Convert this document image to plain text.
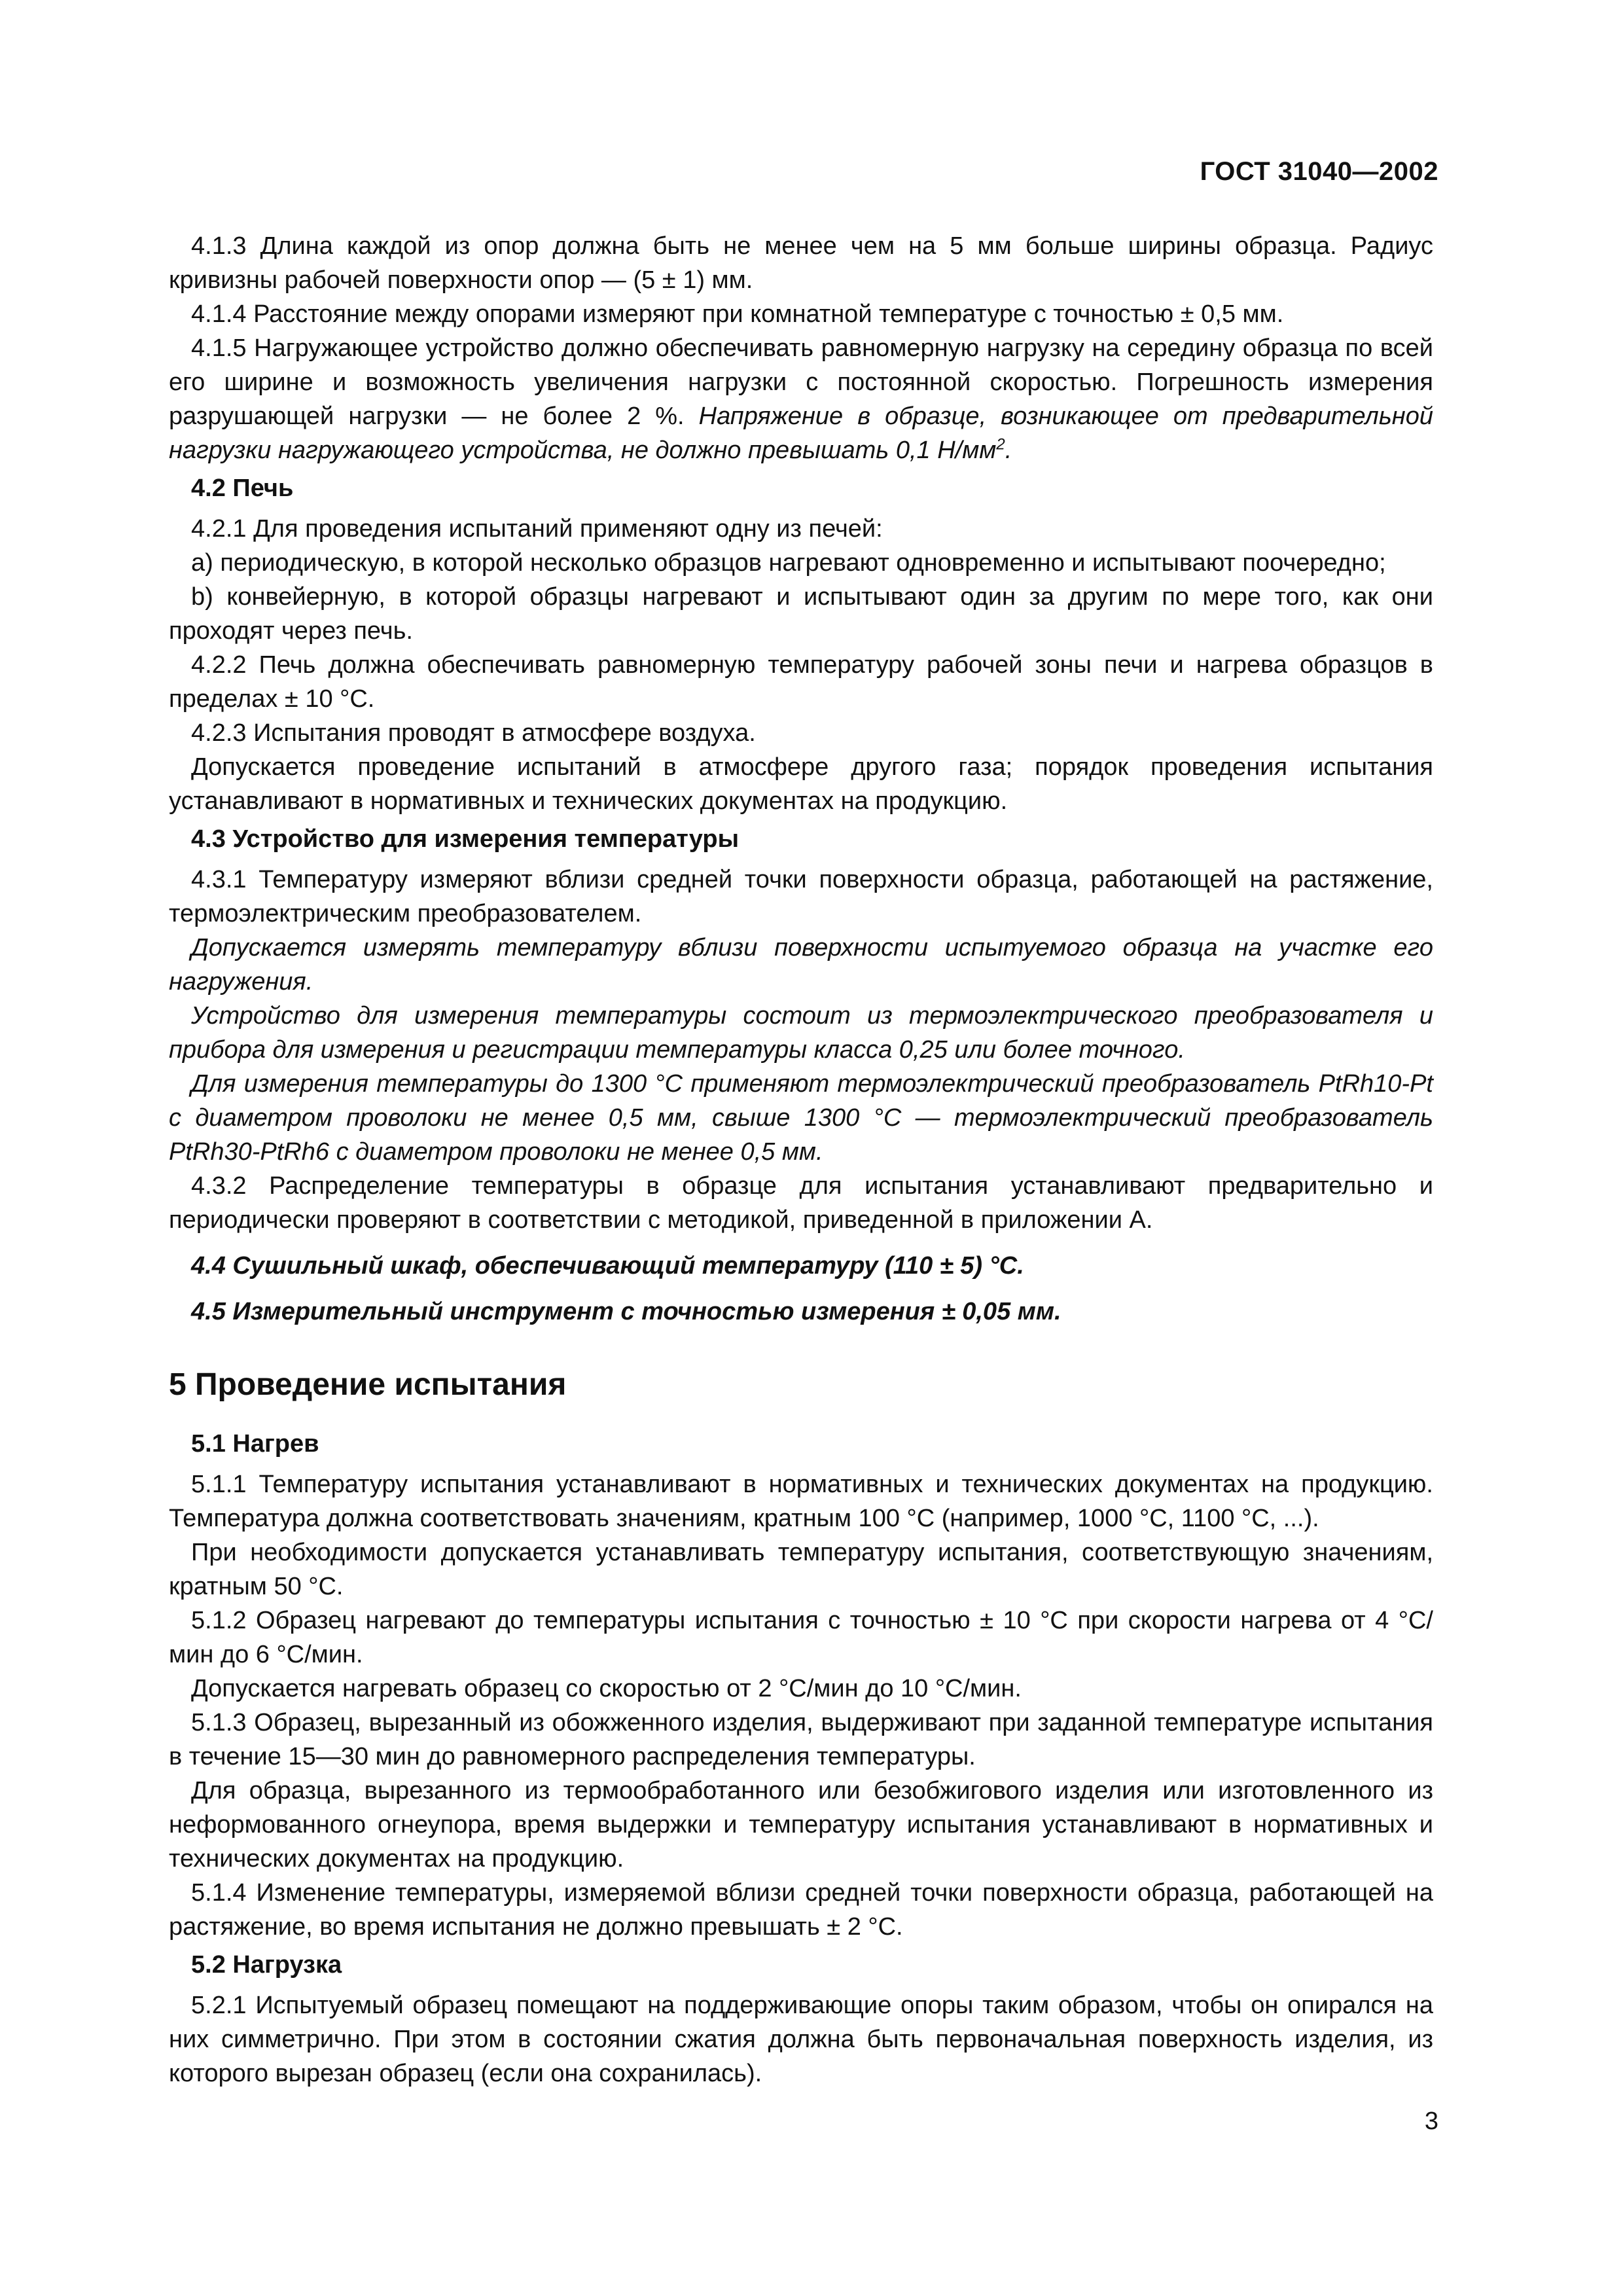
ГОСТ 31040—2002

4.1.3 Длина каждой из опор должна быть не менее чем на 5 мм больше ширины образца. Радиус кривизны рабочей поверхности опор — (5 ± 1) мм.

4.1.4 Расстояние между опорами измеряют при комнатной температуре с точностью ± 0,5 мм.

4.1.5 Нагружающее устройство должно обеспечивать равномерную нагрузку на середину образца по всей его ширине и возможность увеличения нагрузки с постоянной скоростью. Погрешность измерения разрушающей нагрузки — не более 2 %. Напряжение в образце, возникающее от предварительной нагрузки нагружающего устройства, не должно превышать 0,1 $Н/мм^2$.

4.2 Печь

4.2.1 Для проведения испытаний применяют одну из печей:

a) периодическую, в которой несколько образцов нагревают одновременно и испытывают поочередно;

b) конвейерную, в которой образцы нагревают и испытывают один за другим по мере того, как они проходят через печь.

4.2.2 Печь должна обеспечивать равномерную температуру рабочей зоны печи и нагрева образцов в пределах ± 10 °С.

4.2.3 Испытания проводят в атмосфере воздуха.

Допускается проведение испытаний в атмосфере другого газа; порядок проведения испытания устанавливают в нормативных и технических документах на продукцию.

4.3 Устройство для измерения температуры

4.3.1 Температуру измеряют вблизи средней точки поверхности образца, работающей на растяжение, термоэлектрическим преобразователем.

Допускается измерять температуру вблизи поверхности испытуемого образца на участке его нагружения.

Устройство для измерения температуры состоит из термоэлектрического преобразователя и прибора для измерения и регистрации температуры класса 0,25 или более точного.

Для измерения температуры до 1300 °С применяют термоэлектрический преобразователь PtRh10-Pt с диаметром проволоки не менее 0,5 мм, свыше 1300 °С — термоэлектрический преобразователь PtRh30-PtRh6 с диаметром проволоки не менее 0,5 мм.

4.3.2 Распределение температуры в образце для испытания устанавливают предварительно и периодически проверяют в соответствии с методикой, приведенной в приложении А.

4.4 Сушильный шкаф, обеспечивающий температуру (110 ± 5) °С.
4.5 Измерительный инструмент с точностью измерения ± 0,05 мм.
5 Проведение испытания
5.1 Нагрев

5.1.1 Температуру испытания устанавливают в нормативных и технических документах на продукцию. Температура должна соответствовать значениям, кратным 100 °С (например, 1000 °С, 1100 °С, ...).

При необходимости допускается устанавливать температуру испытания, соответствующую значениям, кратным 50 °С.

5.1.2 Образец нагревают до температуры испытания с точностью ± 10 °С при скорости нагрева от 4 °С/мин до 6 °С/мин.

Допускается нагревать образец со скоростью от 2 °С/мин до 10 °С/мин.

5.1.3 Образец, вырезанный из обожженного изделия, выдерживают при заданной температуре испытания в течение 15—30 мин до равномерного распределения температуры.

Для образца, вырезанного из термообработанного или безобжигового изделия или изготовленного из неформованного огнеупора, время выдержки и температуру испытания устанавливают в нормативных и технических документах на продукцию.

5.1.4 Изменение температуры, измеряемой вблизи средней точки поверхности образца, работающей на растяжение, во время испытания не должно превышать ± 2 °С.

5.2 Нагрузка

5.2.1 Испытуемый образец помещают на поддерживающие опоры таким образом, чтобы он опирался на них симметрично. При этом в состоянии сжатия должна быть первоначальная поверхность изделия, из которого вырезан образец (если она сохранилась).

3
